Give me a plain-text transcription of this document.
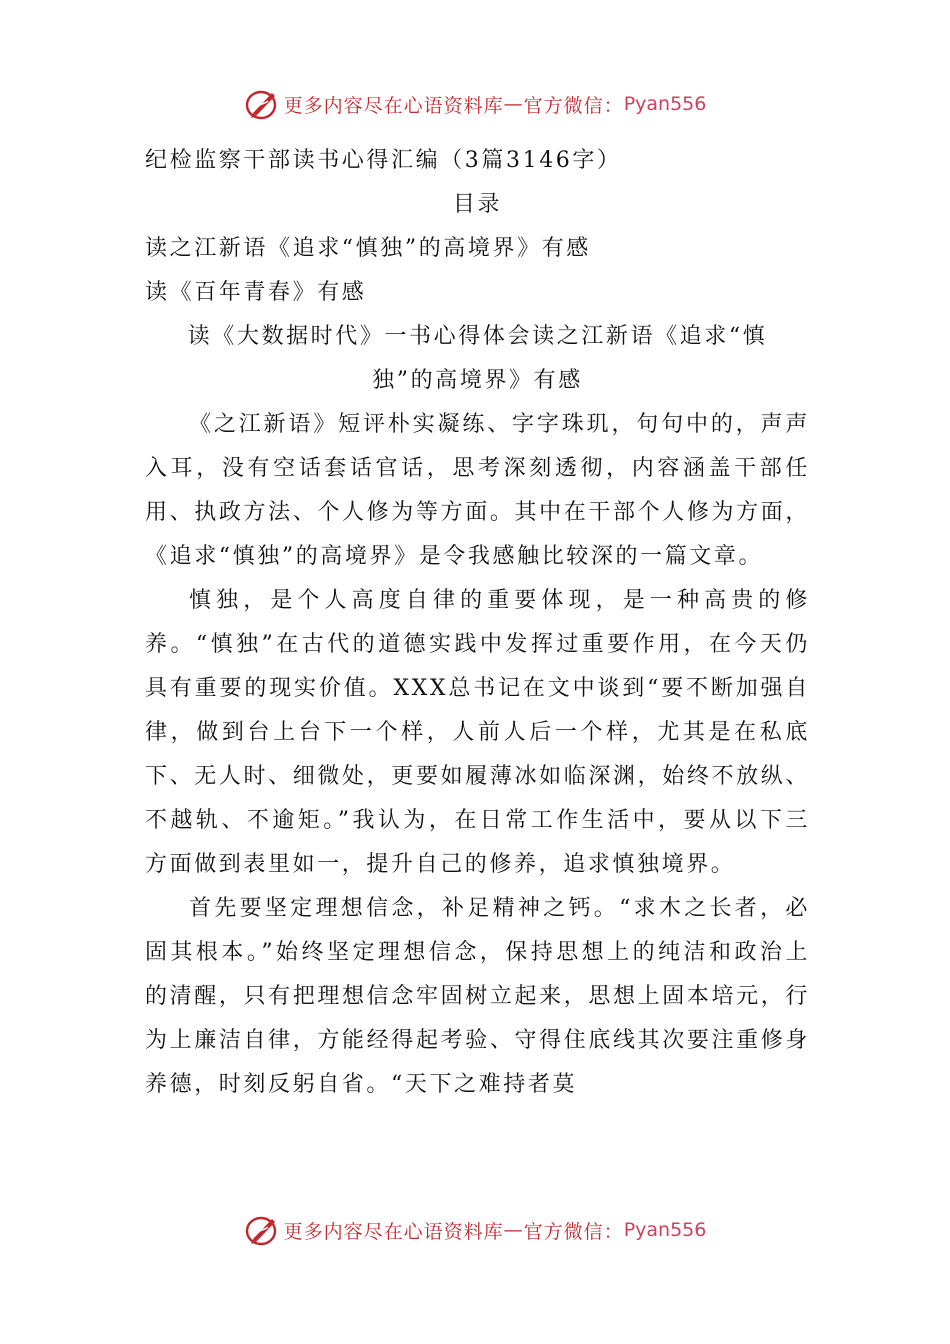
更多内容尽在心语资料库 — 官方微信： Pyan556

纪检监察干部读书心得汇编（3篇3146字）

目录

读之江新语《追求“慎独”的高境界》有感

读《百年青春》有感

读《大数据时代》一书心得体会读之江新语《追求“慎

独”的高境界》有感

《之江新语》短评朴实凝练、字字珠玑，句句中的，声声入耳，没有空话套话官话，思考深刻透彻，内容涵盖干部任用、执政方法、个人修为等方面。其中在干部个人修为方面，《追求“慎独”的高境界》是令我感触比较深的一篇文章。

慎独，是个人高度自律的重要体现，是一种高贵的修养。“慎独”在古代的道德实践中发挥过重要作用，在今天仍具有重要的现实价值。XXX总书记在文中谈到“要不断加强自律，做到台上台下一个样，人前人后一个样，尤其是在私底下、无人时、细微处，更要如履薄冰如临深渊，始终不放纵、不越轨、不逾矩。”我认为，在日常工作生活中，要从以下三方面做到表里如一，提升自己的修养，追求慎独境界。

首先要坚定理想信念，补足精神之钙。“求木之长者，必固其根本。”始终坚定理想信念，保持思想上的纯洁和政治上的清醒，只有把理想信念牢固树立起来，思想上固本培元，行为上廉洁自律，方能经得起考验、守得住底线其次要注重修身养德，时刻反躬自省。“天下之难持者莫

更多内容尽在心语资料库 — 官方微信： Pyan556
